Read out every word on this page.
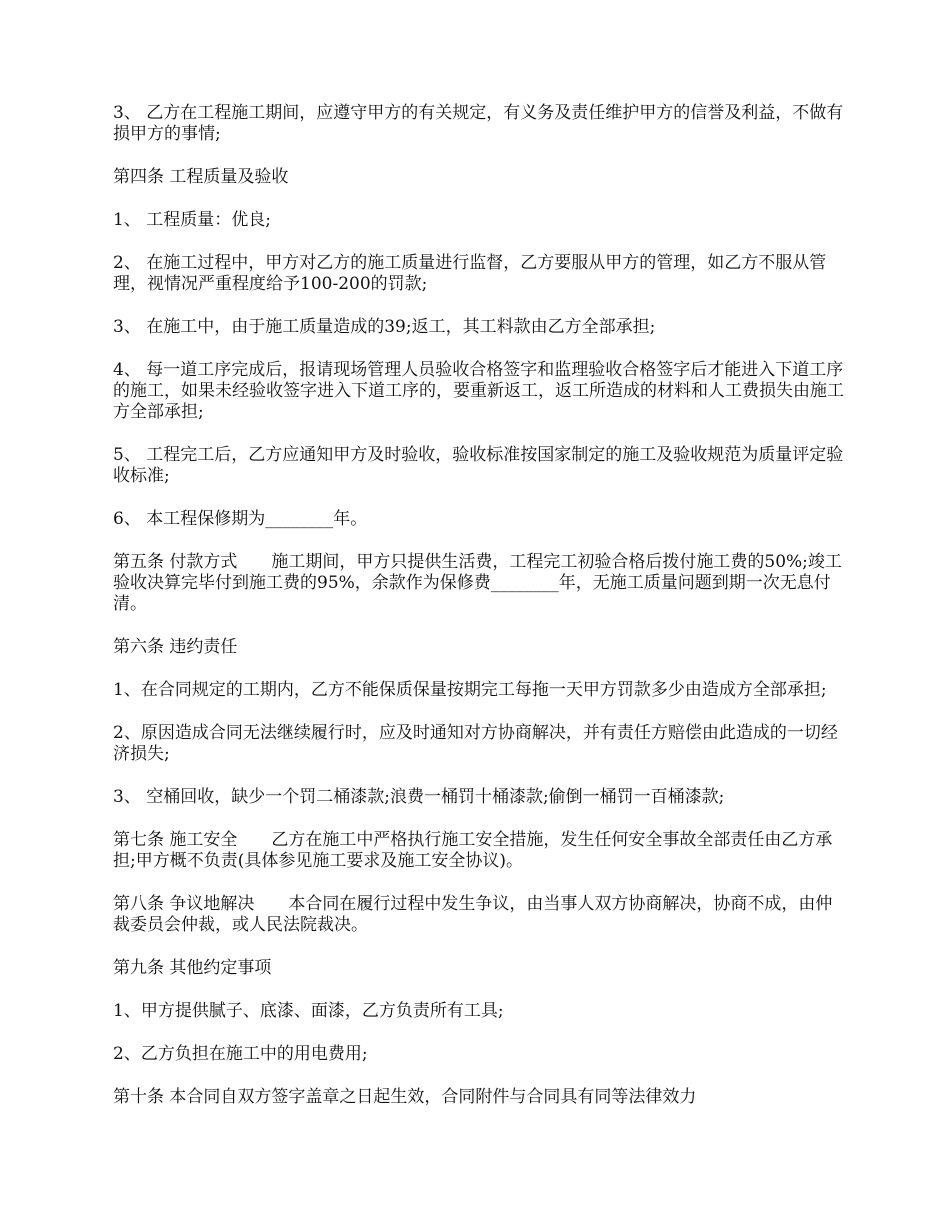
3、 乙方在工程施工期间，应遵守甲方的有关规定，有义务及责任维护甲方的信誉及利益，不做有损甲方的事情;

第四条 工程质量及验收

1、 工程质量：优良;

2、 在施工过程中，甲方对乙方的施工质量进行监督，乙方要服从甲方的管理，如乙方不服从管理，视情况严重程度给予100-200的罚款;

3、 在施工中，由于施工质量造成的39;返工，其工料款由乙方全部承担;

4、 每一道工序完成后，报请现场管理人员验收合格签字和监理验收合格签字后才能进入下道工序的施工，如果未经验收签字进入下道工序的，要重新返工，返工所造成的材料和人工费损失由施工方全部承担;

5、 工程完工后，乙方应通知甲方及时验收，验收标准按国家制定的施工及验收规范为质量评定验收标准;

6、 本工程保修期为________年。

第五条 付款方式　　施工期间，甲方只提供生活费，工程完工初验合格后拨付施工费的50%;竣工验收决算完毕付到施工费的95%，余款作为保修费________年，无施工质量问题到期一次无息付清。

第六条 违约责任

1、在合同规定的工期内，乙方不能保质保量按期完工每拖一天甲方罚款多少由造成方全部承担;

2、原因造成合同无法继续履行时，应及时通知对方协商解决，并有责任方赔偿由此造成的一切经济损失;

3、 空桶回收，缺少一个罚二桶漆款;浪费一桶罚十桶漆款;偷倒一桶罚一百桶漆款;

第七条 施工安全　　乙方在施工中严格执行施工安全措施，发生任何安全事故全部责任由乙方承担;甲方概不负责(具体参见施工要求及施工安全协议)。

第八条 争议地解决　　本合同在履行过程中发生争议，由当事人双方协商解决，协商不成，由仲裁委员会仲裁，或人民法院裁决。

第九条 其他约定事项

1、甲方提供腻子、底漆、面漆，乙方负责所有工具;

2、乙方负担在施工中的用电费用;

第十条 本合同自双方签字盖章之日起生效，合同附件与合同具有同等法律效力
